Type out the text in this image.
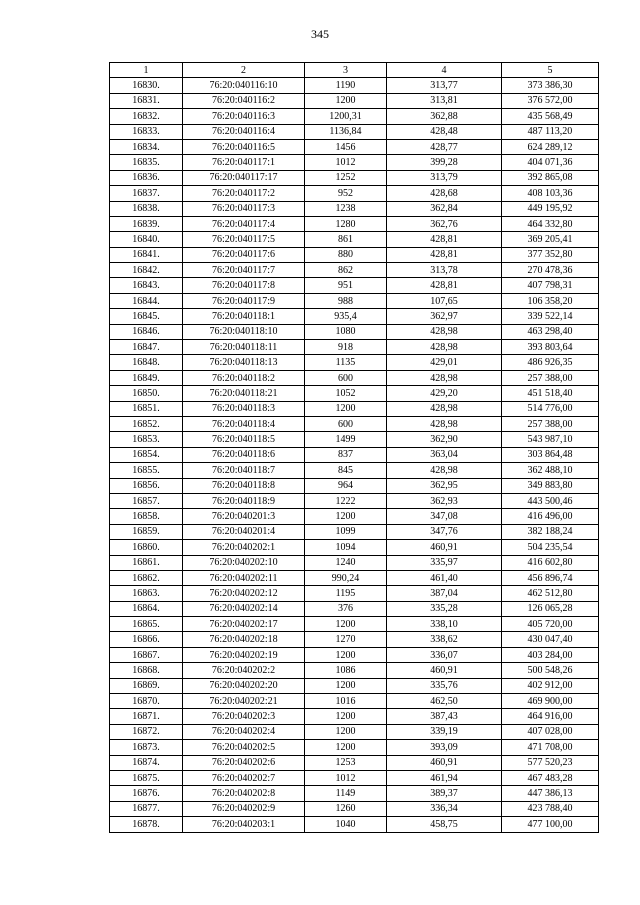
345
1	2	3	4	5
16830.	76:20:040116:10	1190	313,77	373 386,30
16831.	76:20:040116:2	1200	313,81	376 572,00
16832.	76:20:040116:3	1200,31	362,88	435 568,49
16833.	76:20:040116:4	1136,84	428,48	487 113,20
16834.	76:20:040116:5	1456	428,77	624 289,12
16835.	76:20:040117:1	1012	399,28	404 071,36
16836.	76:20:040117:17	1252	313,79	392 865,08
16837.	76:20:040117:2	952	428,68	408 103,36
16838.	76:20:040117:3	1238	362,84	449 195,92
16839.	76:20:040117:4	1280	362,76	464 332,80
16840.	76:20:040117:5	861	428,81	369 205,41
16841.	76:20:040117:6	880	428,81	377 352,80
16842.	76:20:040117:7	862	313,78	270 478,36
16843.	76:20:040117:8	951	428,81	407 798,31
16844.	76:20:040117:9	988	107,65	106 358,20
16845.	76:20:040118:1	935,4	362,97	339 522,14
16846.	76:20:040118:10	1080	428,98	463 298,40
16847.	76:20:040118:11	918	428,98	393 803,64
16848.	76:20:040118:13	1135	429,01	486 926,35
16849.	76:20:040118:2	600	428,98	257 388,00
16850.	76:20:040118:21	1052	429,20	451 518,40
16851.	76:20:040118:3	1200	428,98	514 776,00
16852.	76:20:040118:4	600	428,98	257 388,00
16853.	76:20:040118:5	1499	362,90	543 987,10
16854.	76:20:040118:6	837	363,04	303 864,48
16855.	76:20:040118:7	845	428,98	362 488,10
16856.	76:20:040118:8	964	362,95	349 883,80
16857.	76:20:040118:9	1222	362,93	443 500,46
16858.	76:20:040201:3	1200	347,08	416 496,00
16859.	76:20:040201:4	1099	347,76	382 188,24
16860.	76:20:040202:1	1094	460,91	504 235,54
16861.	76:20:040202:10	1240	335,97	416 602,80
16862.	76:20:040202:11	990,24	461,40	456 896,74
16863.	76:20:040202:12	1195	387,04	462 512,80
16864.	76:20:040202:14	376	335,28	126 065,28
16865.	76:20:040202:17	1200	338,10	405 720,00
16866.	76:20:040202:18	1270	338,62	430 047,40
16867.	76:20:040202:19	1200	336,07	403 284,00
16868.	76:20:040202:2	1086	460,91	500 548,26
16869.	76:20:040202:20	1200	335,76	402 912,00
16870.	76:20:040202:21	1016	462,50	469 900,00
16871.	76:20:040202:3	1200	387,43	464 916,00
16872.	76:20:040202:4	1200	339,19	407 028,00
16873.	76:20:040202:5	1200	393,09	471 708,00
16874.	76:20:040202:6	1253	460,91	577 520,23
16875.	76:20:040202:7	1012	461,94	467 483,28
16876.	76:20:040202:8	1149	389,37	447 386,13
16877.	76:20:040202:9	1260	336,34	423 788,40
16878.	76:20:040203:1	1040	458,75	477 100,00
